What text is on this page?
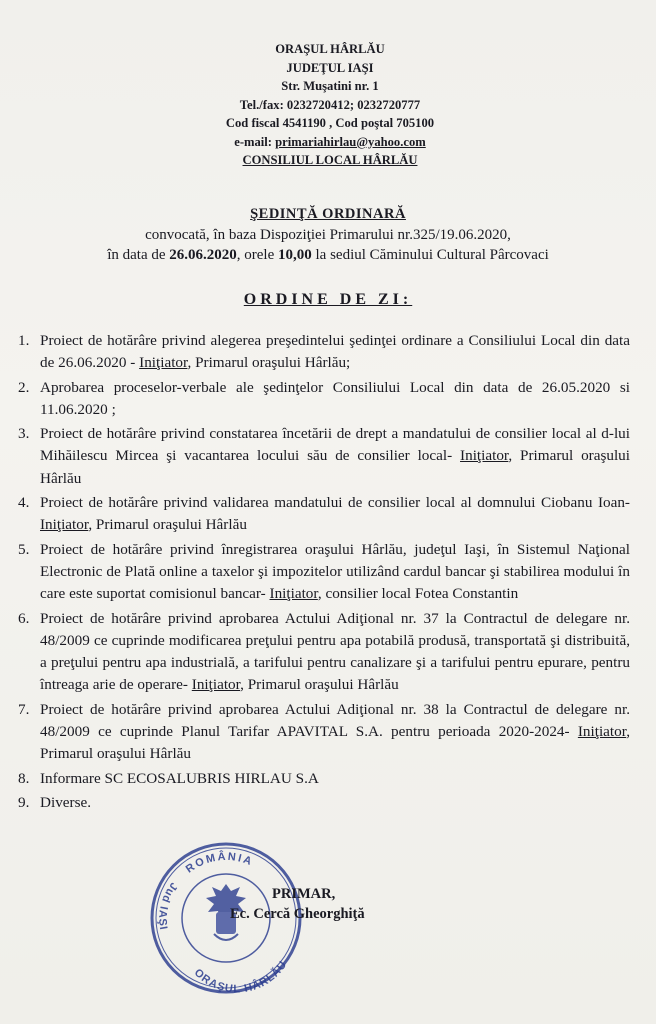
ORAŞUL HÂRLĂU
JUDEŢUL IAŞI
Str. Muşatini nr. 1
Tel./fax: 0232720412; 0232720777
Cod fiscal 4541190 , Cod poştal 705100
e-mail: primariahirlau@yahoo.com
CONSILIUL LOCAL HÂRLĂU
ŞEDINŢĂ ORDINARĂ
convocată, în baza Dispoziţiei Primarului nr.325/19.06.2020,
în data de 26.06.2020, orele 10,00 la sediul Căminului Cultural Pârcovaci
ORDINE DE ZI:
1. Proiect de hotărâre privind alegerea preşedintelui şedinţei ordinare a Consiliului Local din data de 26.06.2020 - Iniţiator, Primarul oraşului Hârlău;
2. Aprobarea proceselor-verbale ale şedinţelor Consiliului Local din data de 26.05.2020 si 11.06.2020 ;
3. Proiect de hotărâre privind constatarea încetării de drept a mandatului de consilier local al d-lui Mihăilescu Mircea şi vacantarea locului său de consilier local- Iniţiator, Primarul oraşului Hârlău
4. Proiect de hotărâre privind validarea mandatului de consilier local al domnului Ciobanu Ioan- Iniţiator, Primarul oraşului Hârlău
5. Proiect de hotărâre privind înregistrarea oraşului Hârlău, judeţul Iaşi, în Sistemul Naţional Electronic de Plată online a taxelor şi impozitelor utilizând cardul bancar şi stabilirea modului în care este suportat comisionul bancar- Iniţiator, consilier local Fotea Constantin
6. Proiect de hotărâre privind aprobarea Actului Adiţional nr. 37 la Contractul de delegare nr. 48/2009 ce cuprinde modificarea preţului pentru apa potabilă produsă, transportată şi distribuită, a preţului pentru apa industrială, a tarifului pentru canalizare şi a tarifului pentru epurare, pentru întreaga arie de operare- Iniţiator, Primarul oraşului Hârlău
7. Proiect de hotărâre privind aprobarea Actului Adiţional nr. 38 la Contractul de delegare nr. 48/2009 ce cuprinde Planul Tarifar APAVITAL S.A. pentru perioada 2020-2024- Iniţiator, Primarul oraşului Hârlău
8. Informare SC ECOSALUBRIS HIRLAU S.A
9. Diverse.
ROMÂNIA
Jud IAŞI
ORAŞUL HÂRLĂU
PRIMAR,
Ec. Cercă Gheorghiţă
